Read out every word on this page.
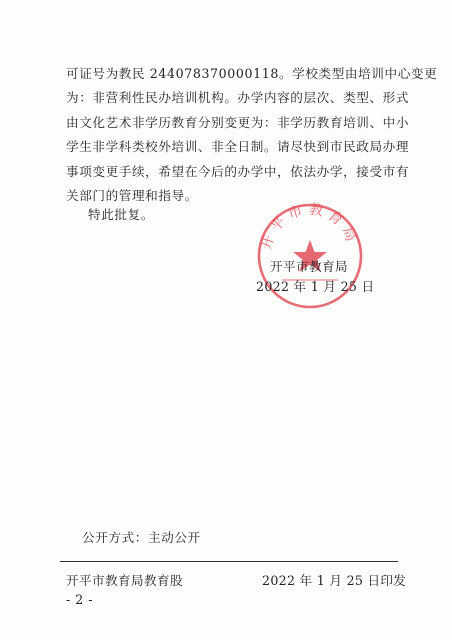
可证号为教民 244078370000118。学校类型由培训中心变更
为：非营利性民办培训机构。办学内容的层次、类型、形式
由文化艺术非学历教育分别变更为：非学历教育培训、中小
学生非学科类校外培训、非全日制。请尽快到市民政局办理
事项变更手续，希望在今后的办学中，依法办学，接受市有
关部门的管理和指导。
特此批复。
开平市教育局
开平市教育局
2022 年 1 月 25 日
公开方式：主动公开
开平市教育局教育股	2022 年 1 月 25 日印发
- 2 -
